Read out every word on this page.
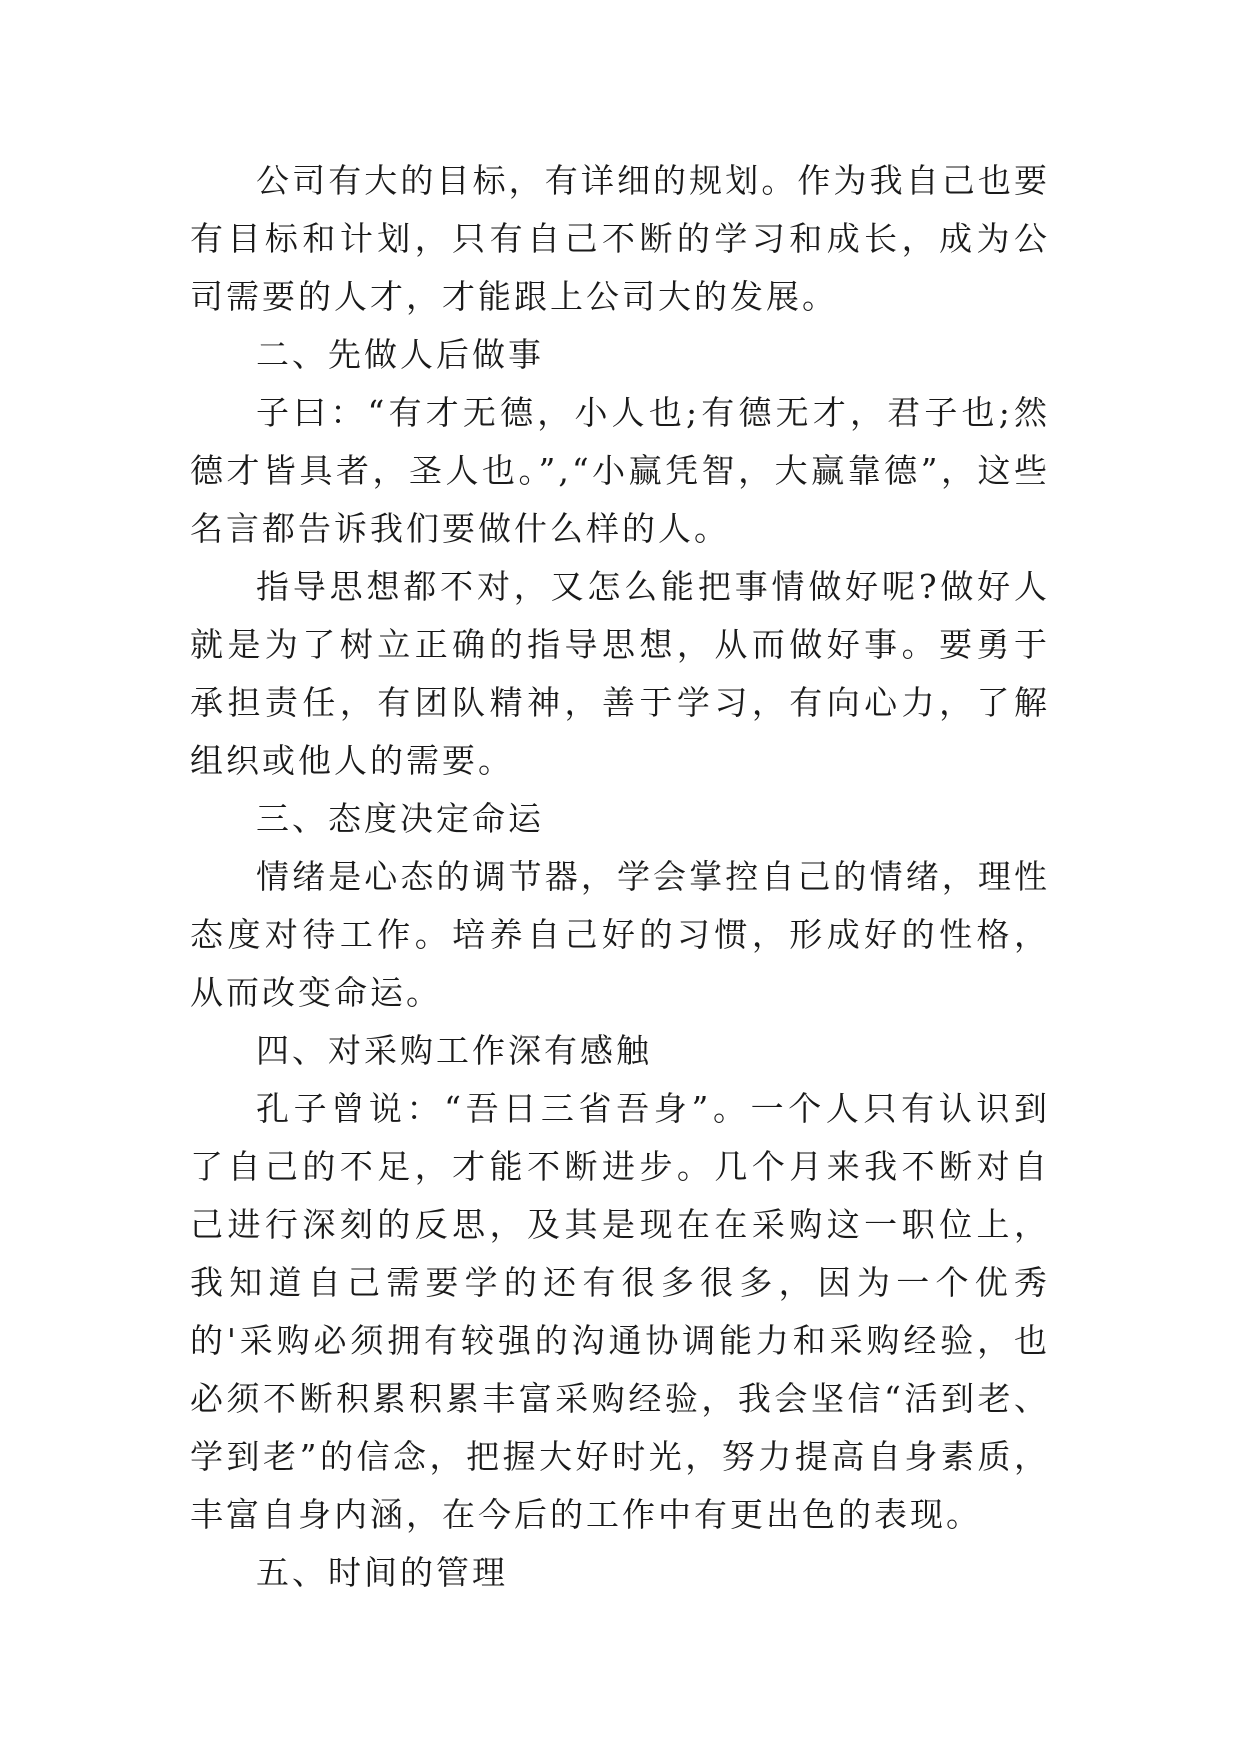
公司有大的目标，有详细的规划。作为我自己也要有目标和计划，只有自己不断的学习和成长，成为公司需要的人才，才能跟上公司大的发展。

二、先做人后做事

子曰：“有才无德，小人也;有德无才，君子也;然德才皆具者，圣人也。”,“小赢凭智，大赢靠德”，这些名言都告诉我们要做什么样的人。

指导思想都不对，又怎么能把事情做好呢?做好人就是为了树立正确的指导思想，从而做好事。要勇于承担责任，有团队精神，善于学习，有向心力，了解组织或他人的需要。

三、态度决定命运

情绪是心态的调节器，学会掌控自己的情绪，理性态度对待工作。培养自己好的习惯，形成好的性格，从而改变命运。

四、对采购工作深有感触

孔子曾说：“吾日三省吾身”。一个人只有认识到了自己的不足，才能不断进步。几个月来我不断对自己进行深刻的反思，及其是现在在采购这一职位上，我知道自己需要学的还有很多很多，因为一个优秀的'采购必须拥有较强的沟通协调能力和采购经验，也必须不断积累积累丰富采购经验，我会坚信“活到老、学到老”的信念，把握大好时光，努力提高自身素质，丰富自身内涵，在今后的工作中有更出色的表现。

五、时间的管理
